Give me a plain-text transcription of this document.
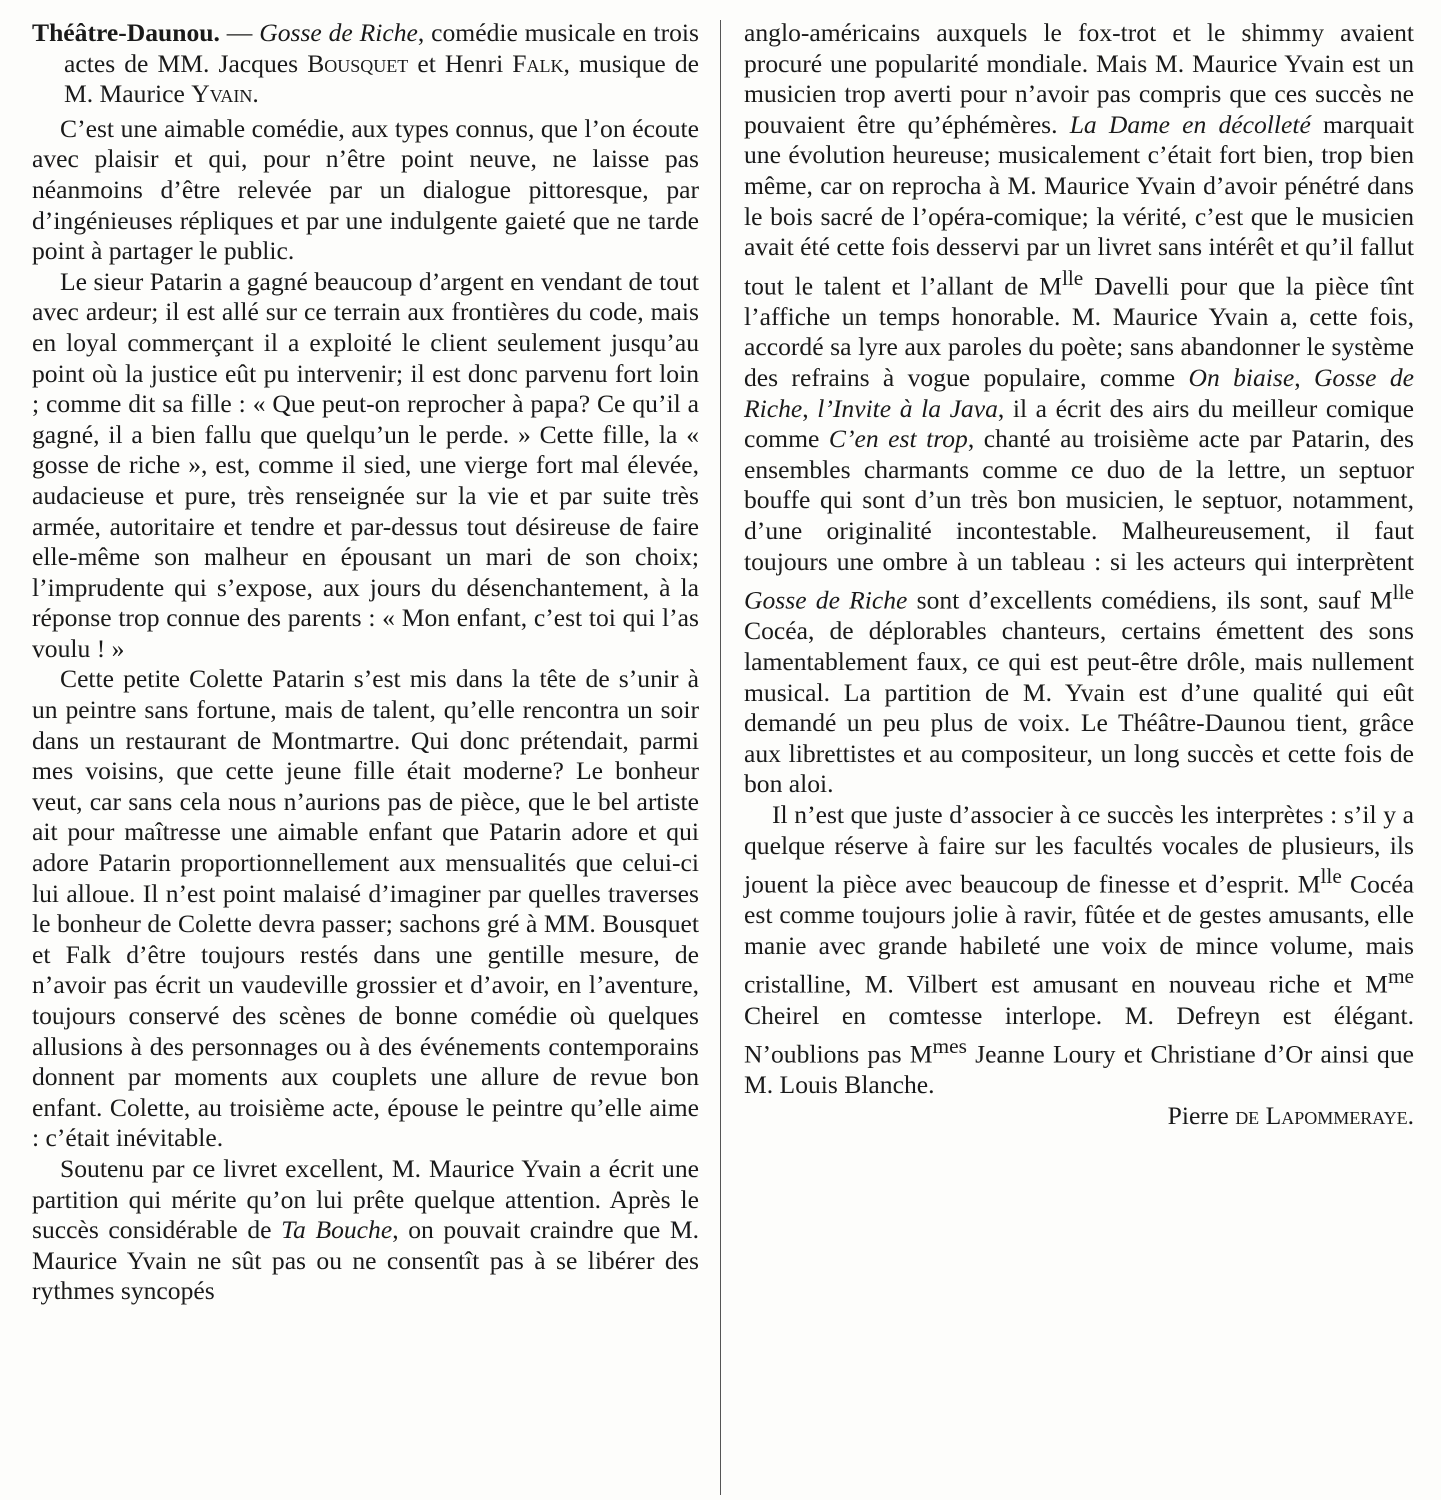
Théâtre-Daunou. — Gosse de Riche, comédie musicale en trois actes de MM. Jacques Bousquet et Henri Falk, musique de M. Maurice Yvain.

C’est une aimable comédie, aux types connus, que l’on écoute avec plaisir et qui, pour n’être point neuve, ne laisse pas néanmoins d’être relevée par un dialogue pittoresque, par d’ingénieuses répliques et par une indulgente gaieté que ne tarde point à partager le public.

Le sieur Patarin a gagné beaucoup d’argent en vendant de tout avec ardeur; il est allé sur ce terrain aux frontières du code, mais en loyal commerçant il a exploité le client seulement jusqu’au point où la justice eût pu intervenir; il est donc parvenu fort loin ; comme dit sa fille : « Que peut-on reprocher à papa? Ce qu’il a gagné, il a bien fallu que quelqu’un le perde. » Cette fille, la « gosse de riche », est, comme il sied, une vierge fort mal élevée, audacieuse et pure, très renseignée sur la vie et par suite très armée, autoritaire et tendre et par-dessus tout désireuse de faire elle-même son malheur en épousant un mari de son choix; l’imprudente qui s’expose, aux jours du désenchantement, à la réponse trop connue des parents : « Mon enfant, c’est toi qui l’as voulu ! »

Cette petite Colette Patarin s’est mis dans la tête de s’unir à un peintre sans fortune, mais de talent, qu’elle rencontra un soir dans un restaurant de Montmartre. Qui donc prétendait, parmi mes voisins, que cette jeune fille était moderne? Le bonheur veut, car sans cela nous n’aurions pas de pièce, que le bel artiste ait pour maîtresse une aimable enfant que Patarin adore et qui adore Patarin proportionnellement aux mensualités que celui-ci lui alloue. Il n’est point malaisé d’imaginer par quelles traverses le bonheur de Colette devra passer; sachons gré à MM. Bousquet et Falk d’être toujours restés dans une gentille mesure, de n’avoir pas écrit un vaudeville grossier et d’avoir, en l’aventure, toujours conservé des scènes de bonne comédie où quelques allusions à des personnages ou à des événements contemporains donnent par moments aux couplets une allure de revue bon enfant. Colette, au troisième acte, épouse le peintre qu’elle aime : c’était inévitable.

Soutenu par ce livret excellent, M. Maurice Yvain a écrit une partition qui mérite qu’on lui prête quelque attention. Après le succès considérable de Ta Bouche, on pouvait craindre que M. Maurice Yvain ne sût pas ou ne consentît pas à se libérer des rythmes syncopés

anglo-américains auxquels le fox-trot et le shimmy avaient procuré une popularité mondiale. Mais M. Maurice Yvain est un musicien trop averti pour n’avoir pas compris que ces succès ne pouvaient être qu’éphémères. La Dame en décolleté marquait une évolution heureuse; musicalement c’était fort bien, trop bien même, car on reprocha à M. Maurice Yvain d’avoir pénétré dans le bois sacré de l’opéra-comique; la vérité, c’est que le musicien avait été cette fois desservi par un livret sans intérêt et qu’il fallut tout le talent et l’allant de $M^{lle}$ Davelli pour que la pièce tînt l’affiche un temps honorable. M. Maurice Yvain a, cette fois, accordé sa lyre aux paroles du poète; sans abandonner le système des refrains à vogue populaire, comme On biaise, Gosse de Riche, l’Invite à la Java, il a écrit des airs du meilleur comique comme C’en est trop, chanté au troisième acte par Patarin, des ensembles charmants comme ce duo de la lettre, un septuor bouffe qui sont d’un très bon musicien, le septuor, notamment, d’une originalité incontestable. Malheureusement, il faut toujours une ombre à un tableau : si les acteurs qui interprètent Gosse de Riche sont d’excellents comédiens, ils sont, sauf $M^{lle}$ Cocéa, de déplorables chanteurs, certains émettent des sons lamentablement faux, ce qui est peut-être drôle, mais nullement musical. La partition de M. Yvain est d’une qualité qui eût demandé un peu plus de voix. Le Théâtre-Daunou tient, grâce aux librettistes et au compositeur, un long succès et cette fois de bon aloi.

Il n’est que juste d’associer à ce succès les interprètes : s’il y a quelque réserve à faire sur les facultés vocales de plusieurs, ils jouent la pièce avec beaucoup de finesse et d’esprit. $M^{lle}$ Cocéa est comme toujours jolie à ravir, fûtée et de gestes amusants, elle manie avec grande habileté une voix de mince volume, mais cristalline, M. Vilbert est amusant en nouveau riche et $M^{me}$ Cheirel en comtesse interlope. M. Defreyn est élégant. N’oublions pas $M^{mes}$ Jeanne Loury et Christiane d’Or ainsi que M. Louis Blanche.
Pierre de Lapommeraye.
